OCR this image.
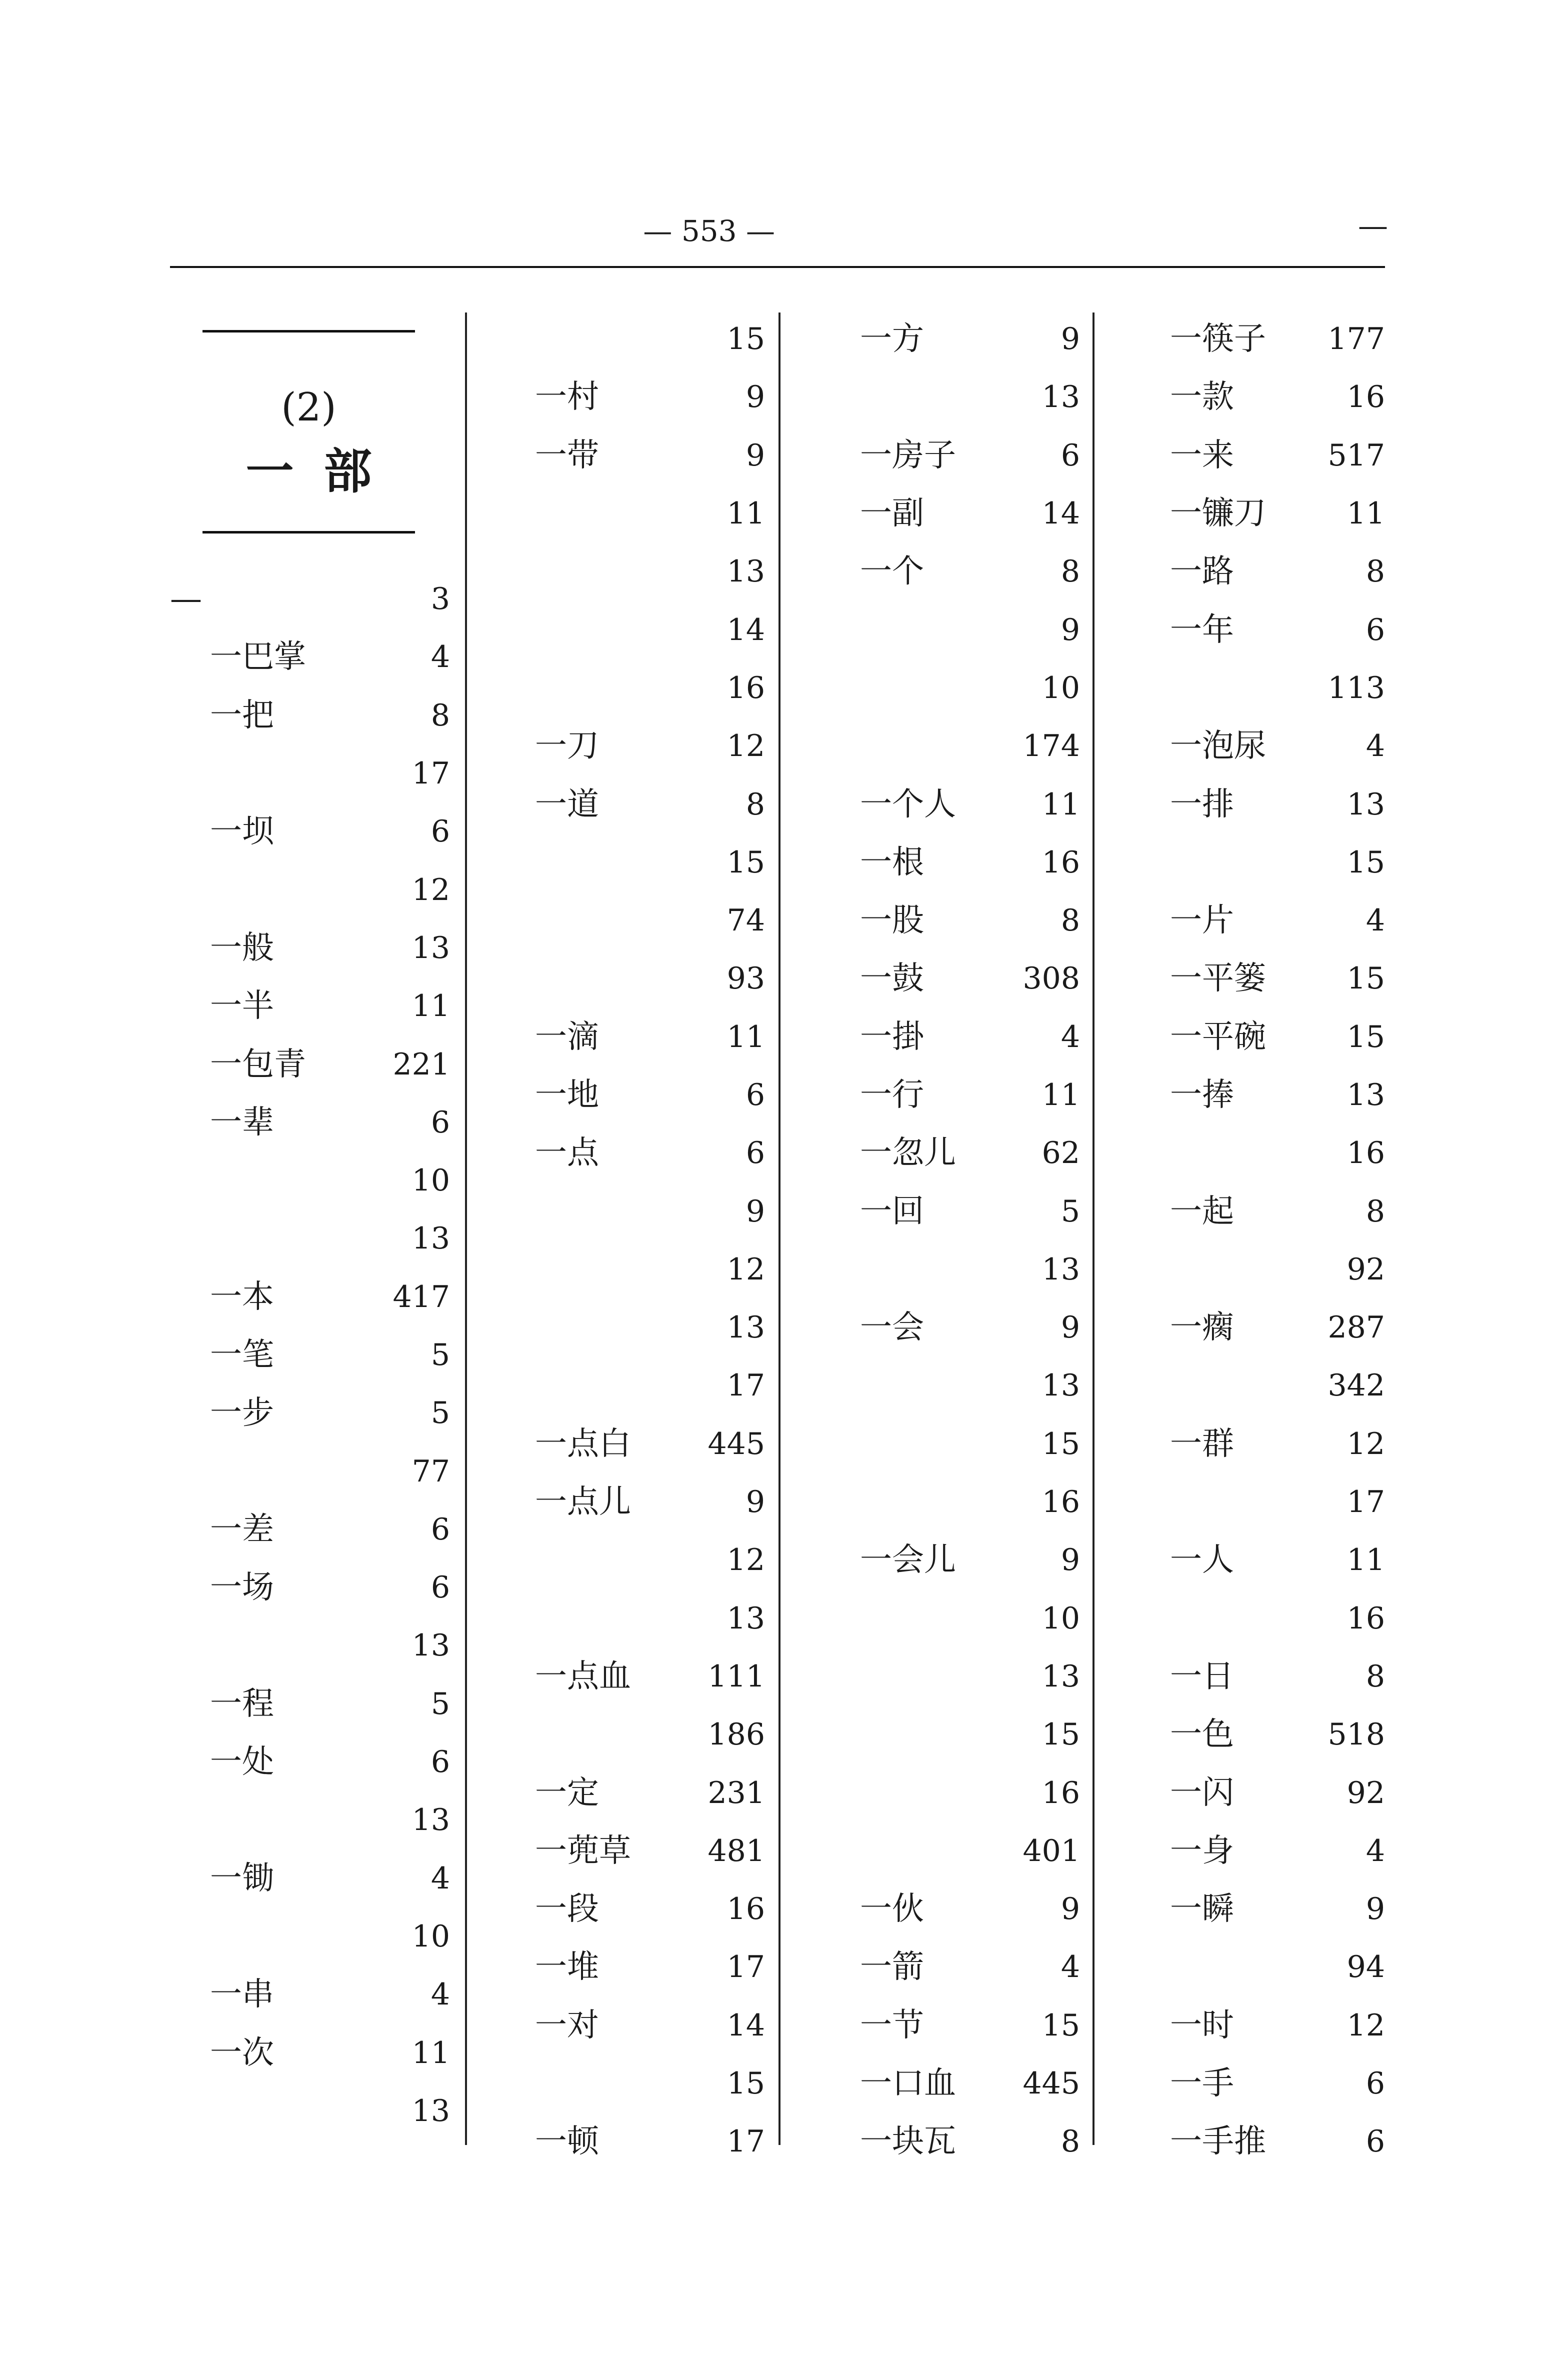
— 553 —	—
(2)
一部
—	3
一巴掌	4
一把	8
17
一坝	6
12
一般	13
一半	11
一包青	221
一辈	6
10
13
一本	417
一笔	5
一步	5
77
一差	6
一场	6
13
一程	5
一处	6
13
一锄	4
10
一串	4
一次	11
13
15
一村	9
一带	9
11
13
14
16
一刀	12
一道	8
15
74
93
一滴	11
一地	6
一点	6
9
12
13
17
一点白	445
一点儿	9
12
13
一点血	111
186
一定	231
一蔸草	481
一段	16
一堆	17
一对	14
15
一顿	17
一方	9
13
一房子	6
一副	14
一个	8
9
10
174
一个人	11
一根	16
一股	8
一鼓	308
一掛	4
一行	11
一忽儿	62
一回	5
13
一会	9
13
15
16
一会儿	9
10
13
15
16
401
一伙	9
一箭	4
一节	15
一口血 445
一块瓦	8
一筷子 177
一款	16
一来	517
一镰刀	11
一路	8
一年	6
113
一泡尿	4
一排	13
15
一片	4
一平篓	15
一平碗	15
一捧	13
16
一起	8
92
一瘸	287
342
一群	12
17
一人	11
16
一日	8
一色	518
一闪	92
一身	4
一瞬	9
94
一时	12
一手	6
一手推	6
